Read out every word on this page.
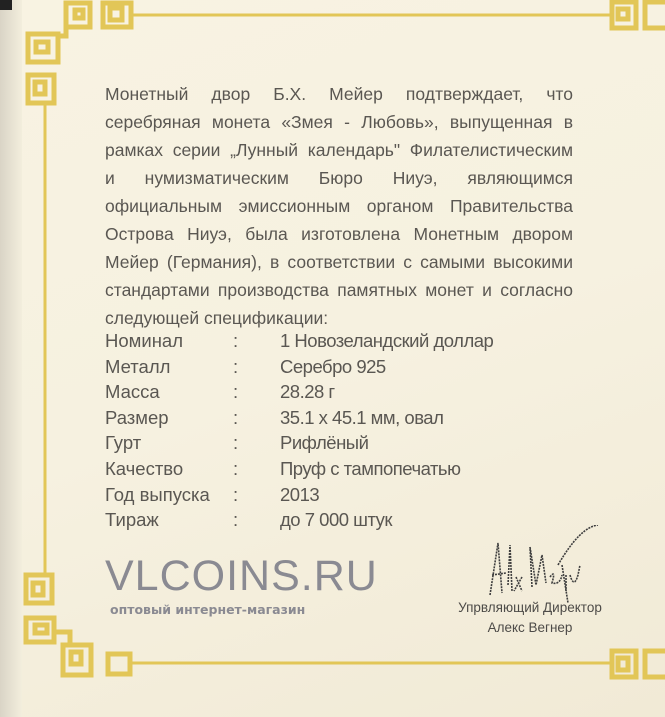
Монетный двор Б.Х. Мейер подтверждает, что
серебряная монета «Змея - Любовь», выпущенная в
рамках серии „Лунный календарь" Филателистическим
и нумизматическим Бюро Ниуэ, являющимся
официальным эмиссионным органом Правительства
Острова Ниуэ, была изготовлена Монетным двором
Мейер (Германия), в соответствии с самыми высокими
стандартами производства памятных монет и согласно
следующей спецификации:
Номинал	: 1 Новозеландский доллар
Металл	: Серебро 925
Масса	: 28.28 г
Размер	: 35.1 x 45.1 мм, овал
Гурт	: Рифлёный
Качество	: Пруф с тампопечатью
Год выпуска : 2013
Тираж	: до 7 000 штук
VLCOINS.RU
оптовый интернет-магазин	Упрвляющий Директор
Алекс Вегнер
